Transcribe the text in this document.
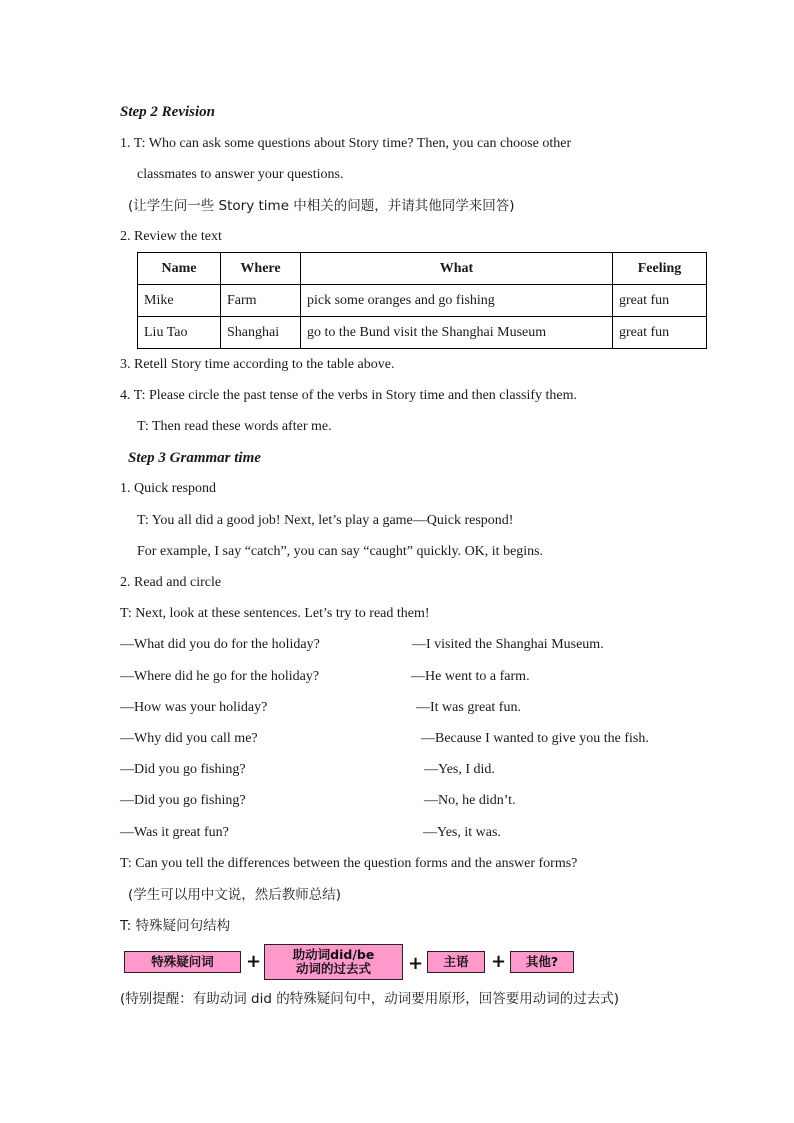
Step 2 Revision
1. T: Who can ask some questions about Story time? Then, you can choose other
classmates to answer your questions.
(让学生问一些 Story time 中相关的问题，并请其他同学来回答)
2. Review the text
Name	Where	What	Feeling
Mike	Farm	pick some oranges and go fishing	great fun
Liu Tao	Shanghai	go to the Bund visit the Shanghai Museum	great fun
3. Retell Story time according to the table above.
4. T: Please circle the past tense of the verbs in Story time and then classify them.
T: Then read these words after me.
Step 3 Grammar time
1. Quick respond
T: You all did a good job! Next, let’s play a game—Quick respond!
For example, I say “catch”, you can say “caught” quickly. OK, it begins.
2. Read and circle
T: Next, look at these sentences. Let’s try to read them!
—What did you do for the holiday?	—I visited the Shanghai Museum.
—Where did he go for the holiday?	—He went to a farm.
—How was your holiday?	—It was great fun.
—Why did you call me?	—Because I wanted to give you the fish.
—Did you go fishing?	—Yes, I did.
—Did you go fishing?	—No, he didn’t.
—Was it great fun?	—Yes, it was.
T: Can you tell the differences between the question forms and the answer forms?
(学生可以用中文说，然后教师总结)
T: 特殊疑问句结构
特殊疑问词 +	助动词did/be
动词的过去式 + 主语 + 其他?
(特别提醒：有助动词 did 的特殊疑问句中，动词要用原形，回答要用动词的过去式)
